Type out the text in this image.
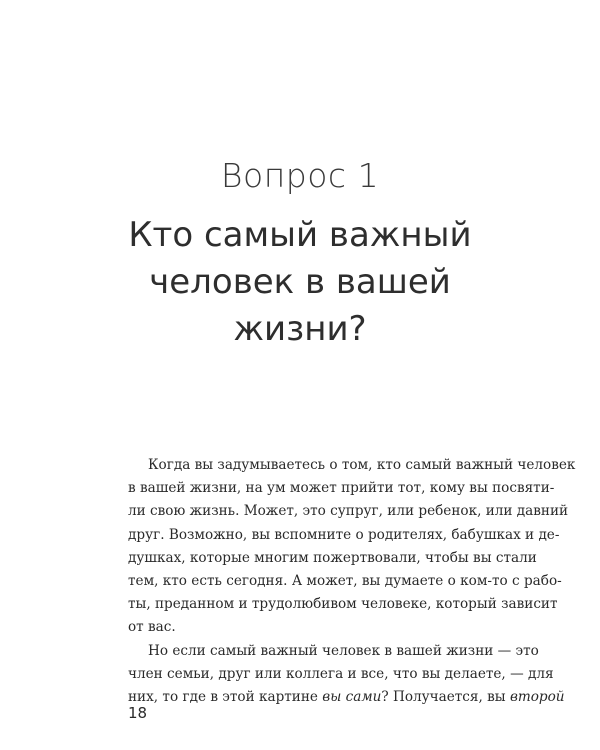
Вопрос 1
Кто самый важный
человек в вашей
жизни?
Когда вы задумываетесь о том, кто самый важный человек
в вашей жизни, на ум может прийти тот, кому вы посвяти-
ли свою жизнь. Может, это супруг, или ребенок, или давний
друг. Возможно, вы вспомните о родителях, бабушках и де-
душках, которые многим пожертвовали, чтобы вы стали
тем, кто есть сегодня. А может, вы думаете о ком-то с рабо-
ты, преданном и трудолюбивом человеке, который зависит
от вас.
Но если самый важный человек в вашей жизни — это
член семьи, друг или коллега и все, что вы делаете, — для
них, то где в этой картине вы сами? Получается, вы второй
18
